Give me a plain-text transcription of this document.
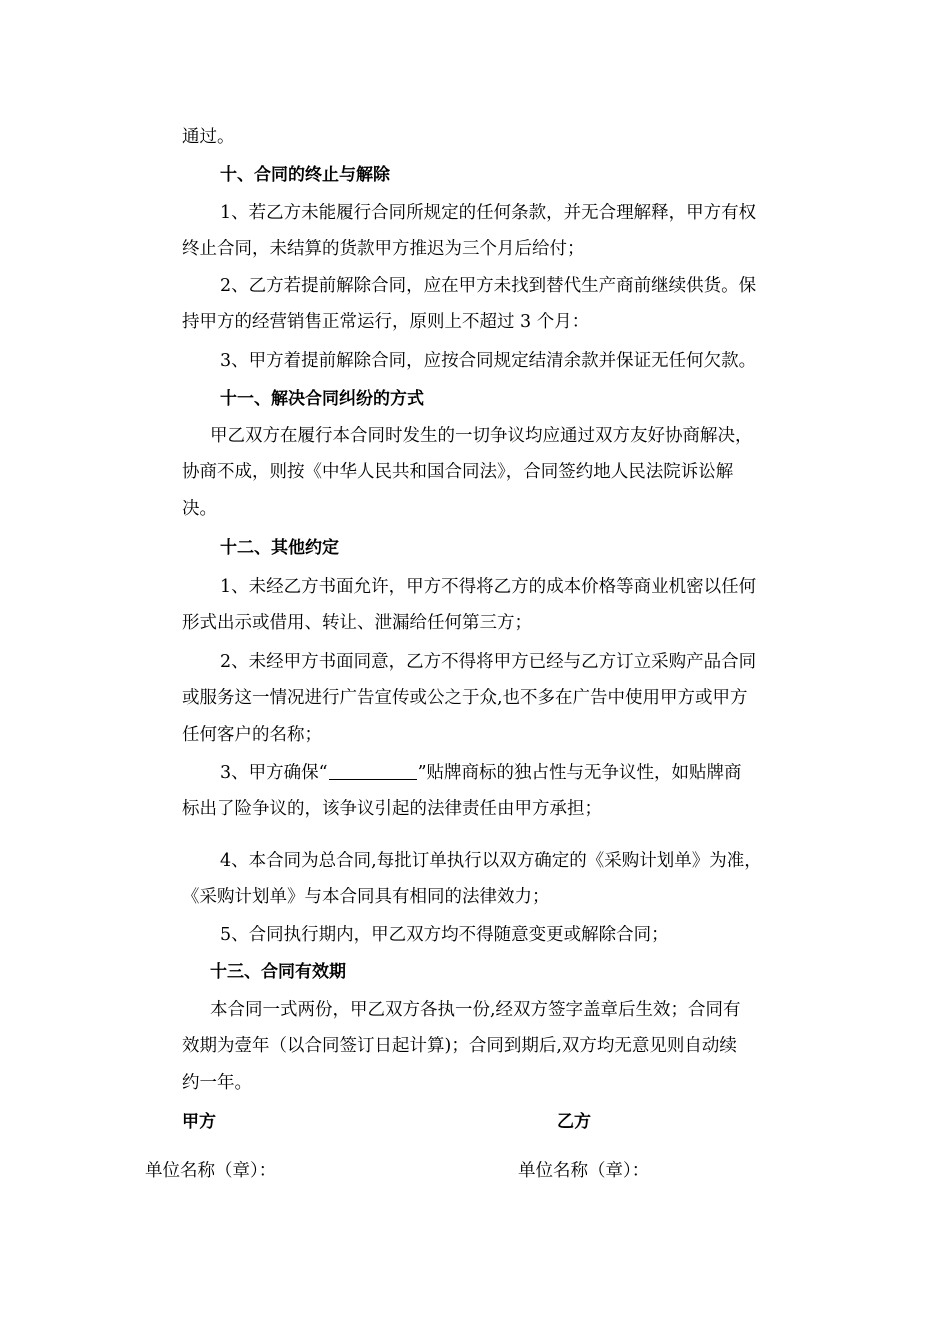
通过。
十、合同的终止与解除
1、若乙方未能履行合同所规定的任何条款，并无合理解释，甲方有权
终止合同，未结算的货款甲方推迟为三个月后给付；
2、乙方若提前解除合同，应在甲方未找到替代生产商前继续供货。保
持甲方的经营销售正常运行，原则上不超过 3 个月：
3、甲方着提前解除合同，应按合同规定结清余款并保证无任何欠款。
十一、解决合同纠纷的方式
甲乙双方在履行本合同时发生的一切争议均应通过双方友好协商解决，
协商不成，则按《中华人民共和国合同法》，合同签约地人民法院诉讼解
决。
十二、其他约定
1、未经乙方书面允许，甲方不得将乙方的成本价格等商业机密以任何
形式出示或借用、转让、泄漏给任何第三方；
2、未经甲方书面同意，乙方不得将甲方已经与乙方订立采购产品合同
或服务这一情况进行广告宣传或公之于众,也不多在广告中使用甲方或甲方
任何客户的名称；
3、甲方确保“	”贴牌商标的独占性与无争议性，如贴牌商
标出了险争议的，该争议引起的法律责任由甲方承担；
4、本合同为总合同,每批订单执行以双方确定的《采购计划单》为准，
《采购计划单》与本合同具有相同的法律效力；
5、合同执行期内，甲乙双方均不得随意变更或解除合同；
十三、合同有效期
本合同一式两份，甲乙双方各执一份,经双方签字盖章后生效；合同有
效期为壹年（以合同签订日起计算)；合同到期后,双方均无意见则自动续
约一年。
甲方	乙方
单位名称（章）：	单位名称（章）：
